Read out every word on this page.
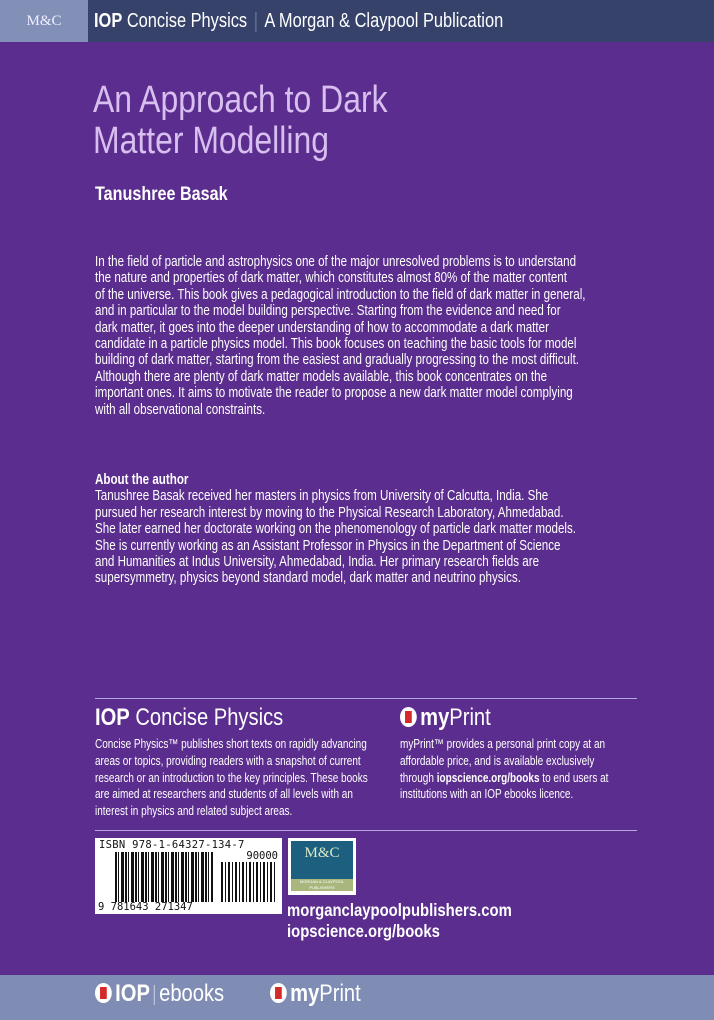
M&C IOP Concise Physics A Morgan & Claypool Publication
An Approach to Dark
Matter Modelling
Tanushree Basak
In the field of particle and astrophysics one of the major unresolved problems is to understand
the nature and properties of dark matter, which constitutes almost 80% of the matter content
of the universe. This book gives a pedagogical introduction to the field of dark matter in general,
and in particular to the model building perspective. Starting from the evidence and need for
dark matter, it goes into the deeper understanding of how to accommodate a dark matter
candidate in a particle physics model. This book focuses on teaching the basic tools for model
building of dark matter, starting from the easiest and gradually progressing to the most difficult.
Although there are plenty of dark matter models available, this book concentrates on the
important ones. It aims to motivate the reader to propose a new dark matter model complying
with all observational constraints.
About the author
Tanushree Basak received her masters in physics from University of Calcutta, India. She
pursued her research interest by moving to the Physical Research Laboratory, Ahmedabad.
She later earned her doctorate working on the phenomenology of particle dark matter models.
She is currently working as an Assistant Professor in Physics in the Department of Science
and Humanities at Indus University, Ahmedabad, India. Her primary research fields are
supersymmetry, physics beyond standard model, dark matter and neutrino physics.
IOP Concise Physics
Concise Physics™ publishes short texts on rapidly advancing
areas or topics, providing readers with a snapshot of current
research or an introduction to the key principles. These books
are aimed at researchers and students of all levels with an
interest in physics and related subject areas.
myPrint
myPrint™ provides a personal print copy at an
affordable price, and is available exclusively
through iopscience.org/books to end users at
institutions with an IOP ebooks licence.
ISBN 978-1-64327-134-7
90000
9 781643 271347
M&C
MORGAN & CLAYPOOL PUBLISHERS
morganclaypoolpublishers.com
iopscience.org/books
IOP ebooks	myPrint
